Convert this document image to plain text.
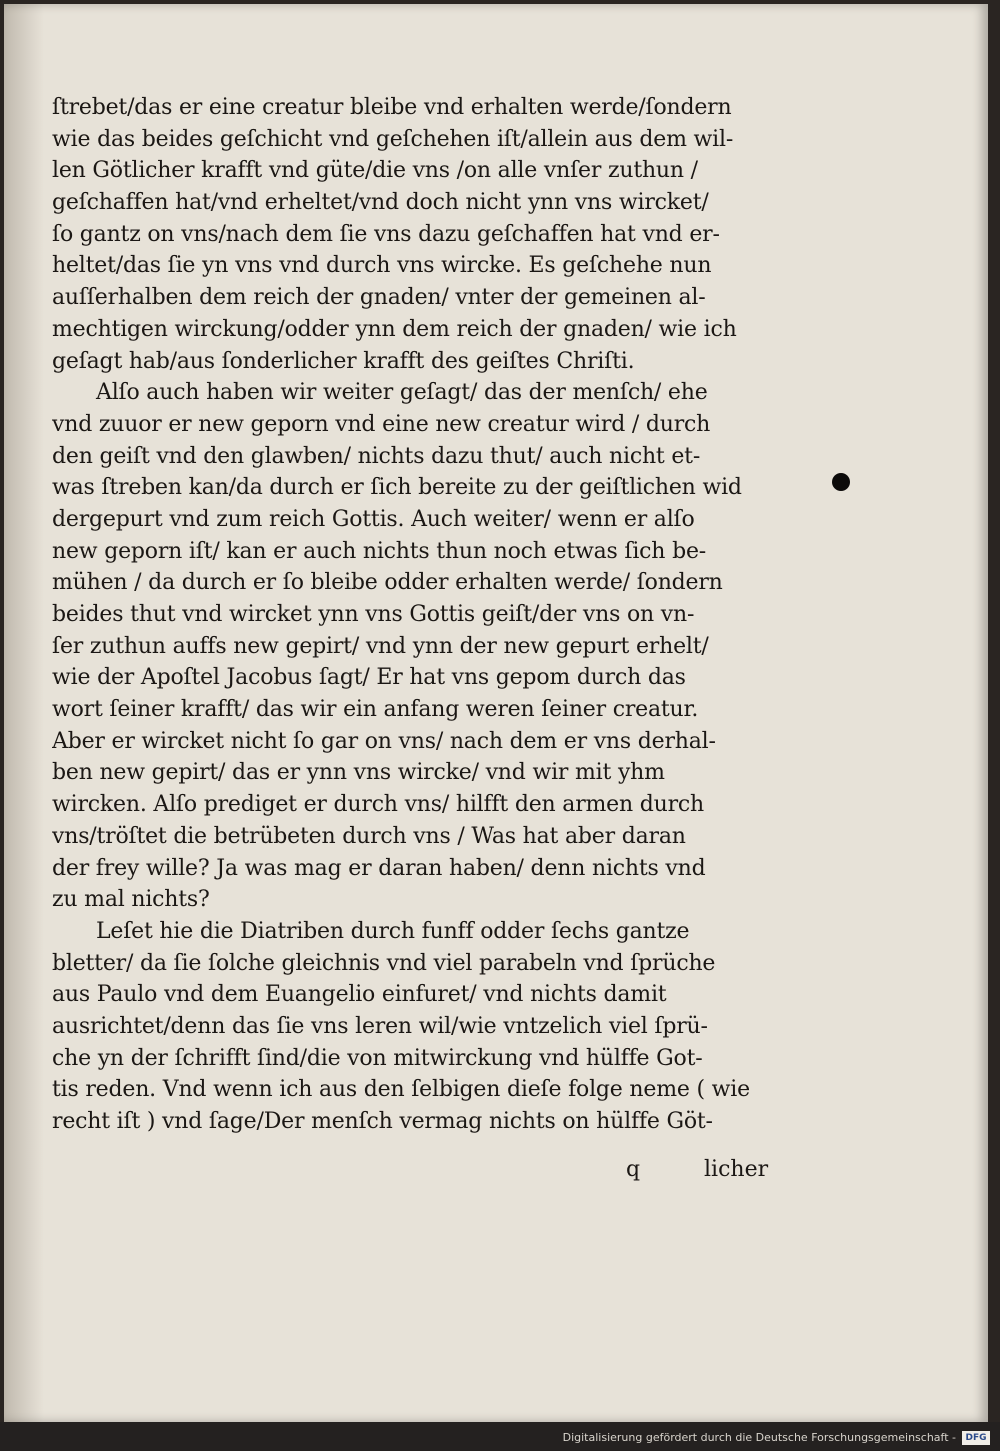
ſtrebet/das er eine creatur bleibe vnd erhalten werde/ſondern
wie das beides geſchicht vnd geſchehen iſt/allein aus dem wil‑
len Götlicher krafft vnd güte/die vns /on alle vnſer zuthun /
geſchaffen hat/vnd erheltet/vnd doch nicht ynn vns wircket/
ſo gantz on vns/nach dem ſie vns dazu geſchaffen hat vnd er‑
heltet/das ſie yn vns vnd durch vns wircke. Es geſchehe nun
auſſerhalben dem reich der gnaden/ vnter der gemeinen al‑
mechtigen wirckung/odder ynn dem reich der gnaden/ wie ich
geſagt hab/aus ſonderlicher krafft des geiſtes Chriſti.
Alſo auch haben wir weiter geſagt/ das der menſch/ ehe
vnd zuuor er new geporn vnd eine new creatur wird / durch
den geiſt vnd den glawben/ nichts dazu thut/ auch nicht et‑
was ſtreben kan/da durch er ſich bereite zu der geiſtlichen wid
dergepurt vnd zum reich Gottis. Auch weiter/ wenn er alſo
new geporn iſt/ kan er auch nichts thun noch etwas ſich be‑
mühen / da durch er ſo bleibe odder erhalten werde/ ſondern
beides thut vnd wircket ynn vns Gottis geiſt/der vns on vn‑
ſer zuthun auffs new gepirt/ vnd ynn der new gepurt erhelt/
wie der Apoſtel Jacobus ſagt/ Er hat vns gepom durch das
wort ſeiner krafft/ das wir ein anfang weren ſeiner creatur.
Aber er wircket nicht ſo gar on vns/ nach dem er vns derhal‑
ben new gepirt/ das er ynn vns wircke/ vnd wir mit yhm
wircken. Alſo prediget er durch vns/ hilfft den armen durch
vns/tröſtet die betrübeten durch vns / Was hat aber daran
der frey wille? Ja was mag er daran haben/ denn nichts vnd
zu mal nichts?
Leſet hie die Diatriben durch funff odder ſechs gantze
bletter/ da ſie ſolche gleichnis vnd viel parabeln vnd ſprüche
aus Paulo vnd dem Euangelio einfuret/ vnd nichts damit
ausrichtet/denn das ſie vns leren wil/wie vntzelich viel ſprü‑
che yn der ſchrifft ſind/die von mitwirckung vnd hülffe Got‑
tis reden. Vnd wenn ich aus den ſelbigen dieſe folge neme ( wie
recht iſt ) vnd ſage/Der menſch vermag nichts on hülffe Göt‑
q	licher
Digitalisierung gefördert durch die Deutsche Forschungsgemeinschaft -	DFG
